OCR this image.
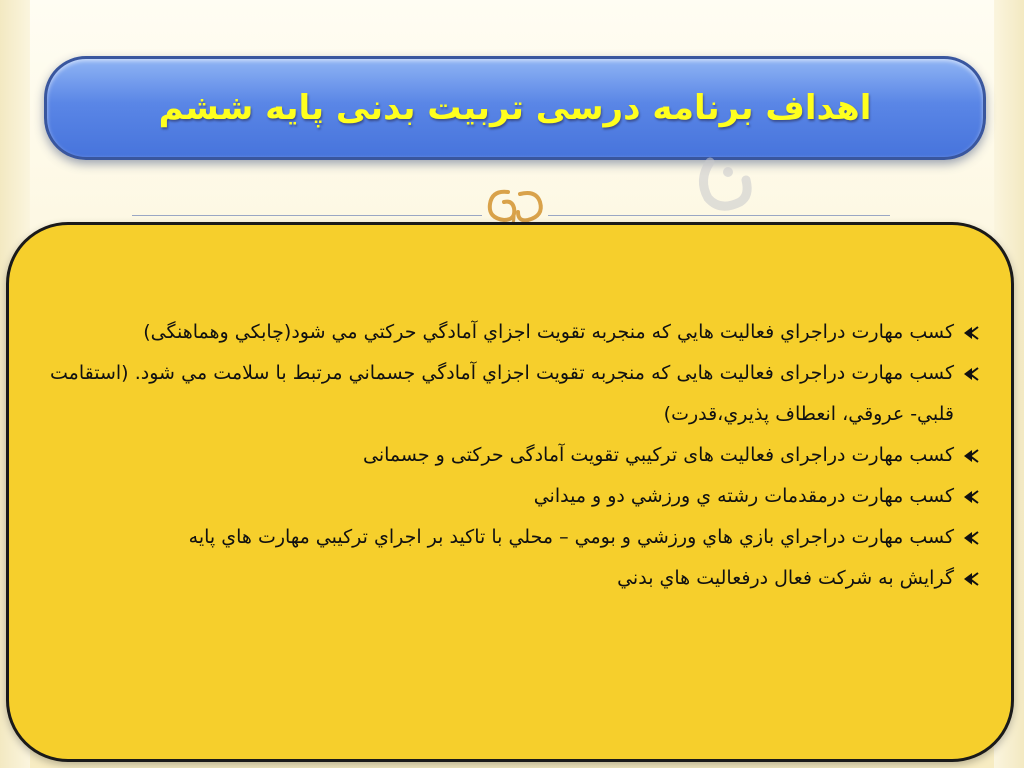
اهداف برنامه درسی تربیت بدنی پایه ششم
كسب مهارت دراجراي فعاليت هايي كه منجربه تقويت اجزاي آمادگي حركتي مي شود(چابكي وهماهنگی)
كسب مهارت دراجرای فعالیت هایی كه منجربه تقويت اجزاي آمادگي جسماني مرتبط با سلامت مي شود. (استقامت قلبي- عروقي، انعطاف پذيري،قدرت)
كسب مهارت دراجرای فعالیت های تركيبي تقويت آمادگی حرکتی و جسمانی
كسب مهارت درمقدمات رشته ي ورزشي دو و ميداني
كسب مهارت دراجراي بازي هاي ورزشي و بومي – محلي با تاكيد بر اجراي تركيبي مهارت هاي پايه
گرايش به شركت فعال درفعاليت هاي بدني
